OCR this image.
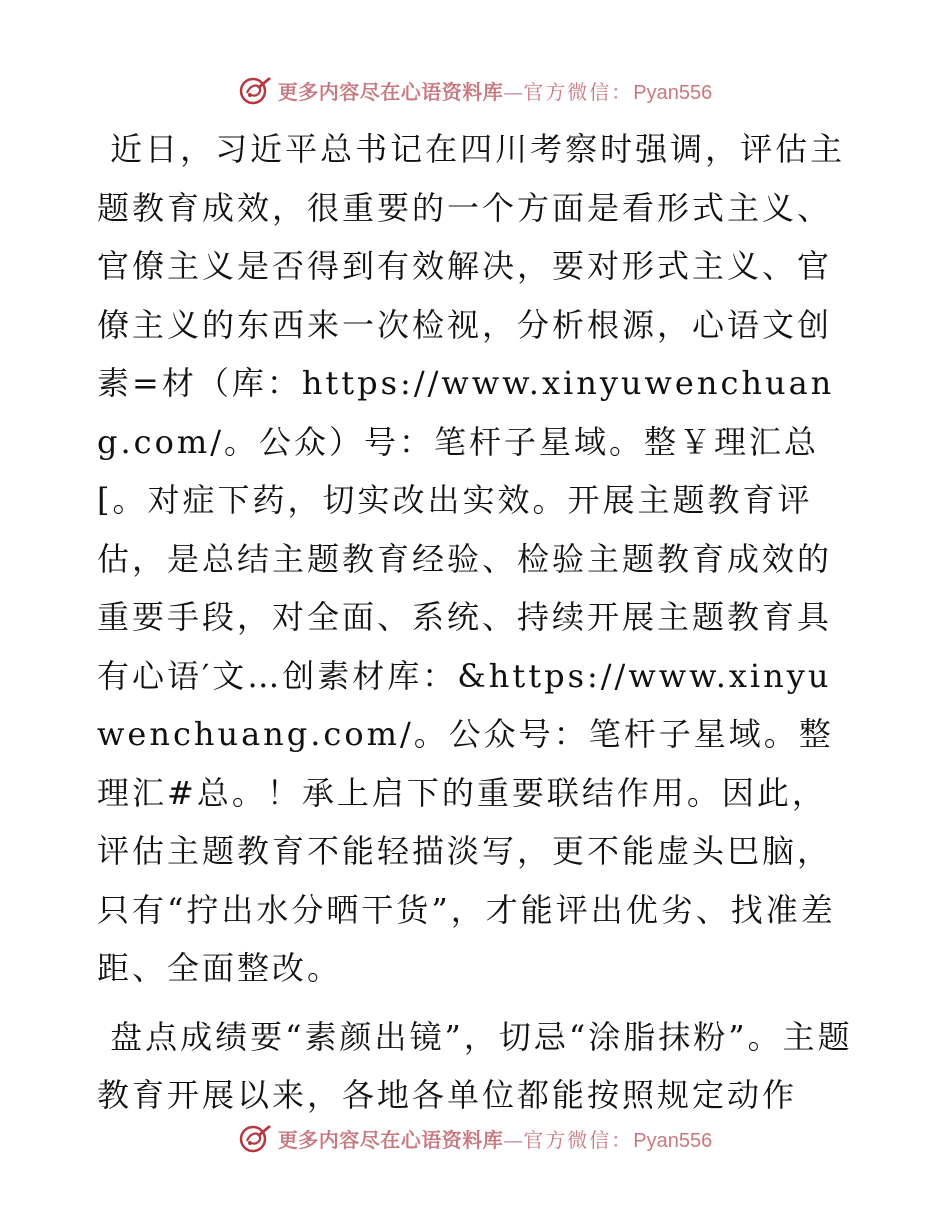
更多内容尽在心语资料库 — 官方微信： Pyan556

近日，习近平总书记在四川考察时强调，评估主题教育成效，很重要的一个方面是看形式主义、官僚主义是否得到有效解决，要对形式主义、官僚主义的东西来一次检视，分析根源，心语文创素=材（库：https://www.xinyuwenchuang.com/。公众）号：笔杆子星域。整￥理汇总[。对症下药，切实改出实效。开展主题教育评估，是总结主题教育经验、检验主题教育成效的重要手段，对全面、系统、持续开展主题教育具有心语′文…创素材库：&https://www.xinyuwenchuang.com/。公众号：笔杆子星域。整理汇#总。！承上启下的重要联结作用。因此，评估主题教育不能轻描淡写，更不能虚头巴脑，只有“拧出水分晒干货”，才能评出优劣、找准差距、全面整改。

盘点成绩要“素颜出镜”，切忌“涂脂抹粉”。主题教育开展以来，各地各单位都能按照规定动作

更多内容尽在心语资料库 — 官方微信： Pyan556
